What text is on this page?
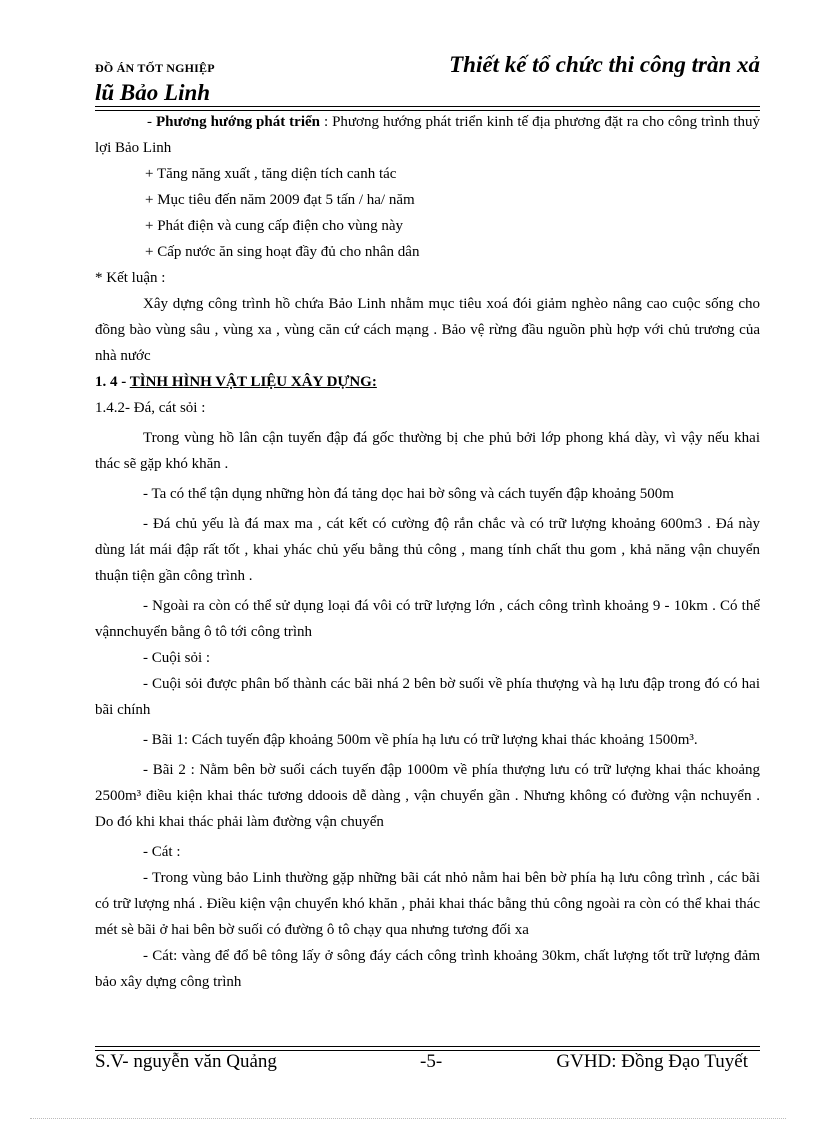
ĐỒ ÁN TỐT NGHIỆP	Thiết kế tổ chức thi công tràn xả
lũ Bảo Linh

- Phương hướng phát triển : Phương hướng phát triển kinh tế địa phương đặt ra cho công trình thuỷ lợi Bảo Linh

+ Tăng năng xuất , tăng diện tích canh tác

+ Mục tiêu đến năm 2009 đạt 5 tấn / ha/ năm

+ Phát điện và cung cấp điện cho vùng này

+ Cấp nước ăn sing hoạt đầy đủ cho nhân dân

* Kết luận :

Xây dựng công trình hồ chứa Bảo Linh nhằm mục tiêu xoá đói giảm nghèo nâng cao cuộc sống cho đồng bào vùng sâu , vùng xa , vùng căn cứ cách mạng . Bảo vệ rừng đầu nguồn phù hợp với chủ trương của nhà nước

1. 4 - TÌNH HÌNH VẬT LIỆU XÂY DỰNG:

1.4.2- Đá, cát sỏi :

Trong vùng hồ lân cận tuyến đập đá gốc thường bị che phủ bởi lớp phong khá dày, vì vậy nếu khai thác sẽ gặp khó khăn .

- Ta có thể tận dụng những hòn đá tảng dọc hai bờ sông và cách tuyến đập khoảng 500m

- Đá chủ yếu là đá max ma , cát kết có cường độ rắn chắc và có trữ lượng khoảng 600m3 . Đá này dùng lát mái đập rất tốt , khai yhác chủ yếu bằng thủ công , mang tính chất thu gom , khả năng vận chuyển thuận tiện gần công trình .

- Ngoài ra còn có thể sử dụng loại đá vôi có trữ lượng lớn , cách công trình khoảng 9 - 10km . Có thể vậnnchuyển bằng ô tô tới công trình

- Cuội sỏi :

- Cuội sỏi được phân bố thành các bãi nhá 2 bên bờ suối về phía thượng và hạ lưu đập trong đó có hai bãi chính

- Bãi 1: Cách tuyến đập khoảng 500m về phía hạ lưu có trữ lượng khai thác khoảng 1500m³.

- Bãi 2 : Nằm bên bờ suối cách tuyến đập 1000m về phía thượng lưu có trữ lượng khai thác khoảng 2500m³ điều kiện khai thác tương ddoois dễ dàng , vận chuyển gần . Nhưng không có đường vận nchuyển . Do đó khi khai thác phải làm đường vận chuyển

- Cát :

- Trong vùng bảo Linh thường gặp những bãi cát nhỏ nằm hai bên bờ phía hạ lưu công trình , các bãi có trữ lượng nhá . Điều kiện vận chuyển khó khăn , phải khai thác bằng thủ công ngoài ra còn có thể khai thác mét sè bãi ở hai bên bờ suối có đường ô tô chạy qua nhưng tương đối xa

- Cát: vàng để đổ bê tông lấy ở sông đáy cách công trình khoảng 30km, chất lượng tốt trữ lượng đảm bảo xây dựng công trình

S.V- nguyễn văn Quảng	-5-	GVHD: Đồng Đạo Tuyết
